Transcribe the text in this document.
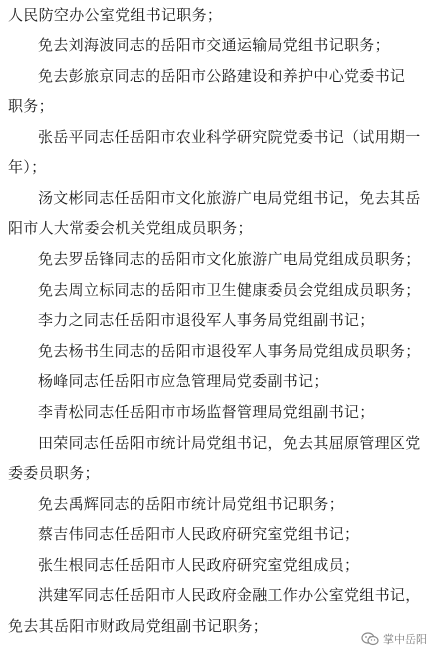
人民防空办公室党组书记职务；
免去刘海波同志的岳阳市交通运输局党组书记职务；
免去彭旅京同志的岳阳市公路建设和养护中心党委书记
职务；
张岳平同志任岳阳市农业科学研究院党委书记（试用期一
年）；
汤文彬同志任岳阳市文化旅游广电局党组书记，免去其岳
阳市人大常委会机关党组成员职务；
免去罗岳锋同志的岳阳市文化旅游广电局党组成员职务；
免去周立标同志的岳阳市卫生健康委员会党组成员职务；
李力之同志任岳阳市退役军人事务局党组副书记；
免去杨书生同志的岳阳市退役军人事务局党组成员职务；
杨峰同志任岳阳市应急管理局党委副书记；
李青松同志任岳阳市市场监督管理局党组副书记；
田荣同志任岳阳市统计局党组书记，免去其屈原管理区党
委委员职务；
免去禹辉同志的岳阳市统计局党组书记职务；
蔡吉伟同志任岳阳市人民政府研究室党组书记；
张生根同志任岳阳市人民政府研究室党组成员；
洪建军同志任岳阳市人民政府金融工作办公室党组书记，
免去其岳阳市财政局党组副书记职务；
掌中岳阳
